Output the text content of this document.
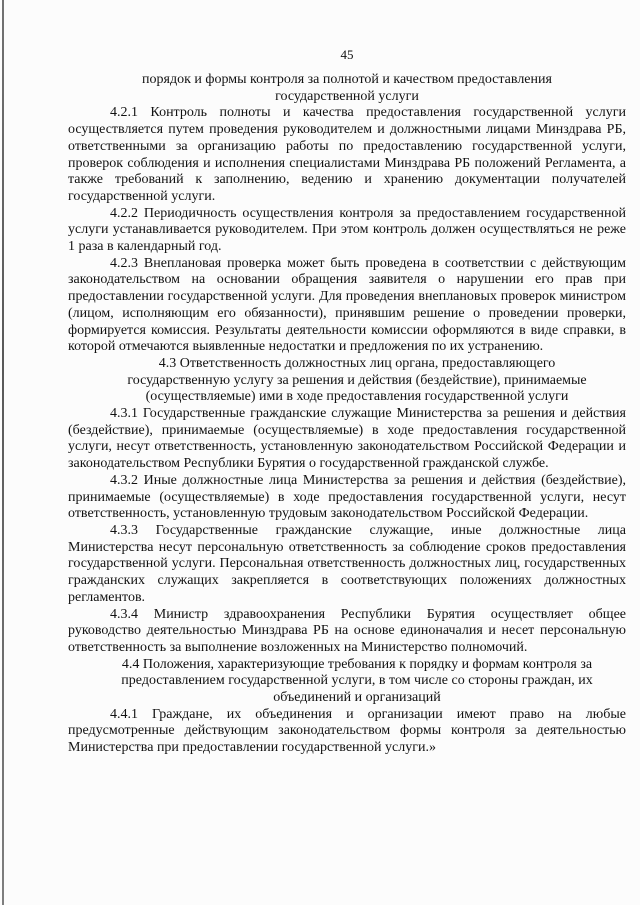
45

порядок и формы контроля за полнотой и качеством предоставления

государственной услуги

4.2.1 Контроль полноты и качества предоставления государственной услуги осуществляется путем проведения руководителем и должностными лицами Минздрава РБ, ответственными за организацию работы по предоставлению государственной услуги, проверок соблюдения и исполнения специалистами Минздрава РБ положений Регламента, а также требований к заполнению, ведению и хранению документации получателей государственной услуги.

4.2.2 Периодичность осуществления контроля за предоставлением государственной услуги устанавливается руководителем. При этом контроль должен осуществляться не реже 1 раза в календарный год.

4.2.3 Внеплановая проверка может быть проведена в соответствии с действующим законодательством на основании обращения заявителя о нарушении его прав при предоставлении государственной услуги. Для проведения внеплановых проверок министром (лицом, исполняющим его обязанности), принявшим решение о проведении проверки, формируется комиссия. Результаты деятельности комиссии оформляются в виде справки, в которой отмечаются выявленные недостатки и предложения по их устранению.

4.3 Ответственность должностных лиц органа, предоставляющего

государственную услугу за решения и действия (бездействие), принимаемые

(осуществляемые) ими в ходе предоставления государственной услуги

4.3.1 Государственные гражданские служащие Министерства за решения и действия (бездействие), принимаемые (осуществляемые) в ходе предоставления государственной услуги, несут ответственность, установленную законодательством Российской Федерации и законодательством Республики Бурятия о государственной гражданской службе.

4.3.2 Иные должностные лица Министерства за решения и действия (бездействие), принимаемые (осуществляемые) в ходе предоставления государственной услуги, несут ответственность, установленную трудовым законодательством Российской Федерации.

4.3.3 Государственные гражданские служащие, иные должностные лица Министерства несут персональную ответственность за соблюдение сроков предоставления государственной услуги. Персональная ответственность должностных лиц, государственных гражданских служащих закрепляется в соответствующих положениях должностных регламентов.

4.3.4 Министр здравоохранения Республики Бурятия осуществляет общее руководство деятельностью Минздрава РБ на основе единоначалия и несет персональную ответственность за выполнение возложенных на Министерство полномочий.

4.4 Положения, характеризующие требования к порядку и формам контроля за

предоставлением государственной услуги, в том числе со стороны граждан, их

объединений и организаций

4.4.1 Граждане, их объединения и организации имеют право на любые предусмотренные действующим законодательством формы контроля за деятельностью Министерства при предоставлении государственной услуги.»
